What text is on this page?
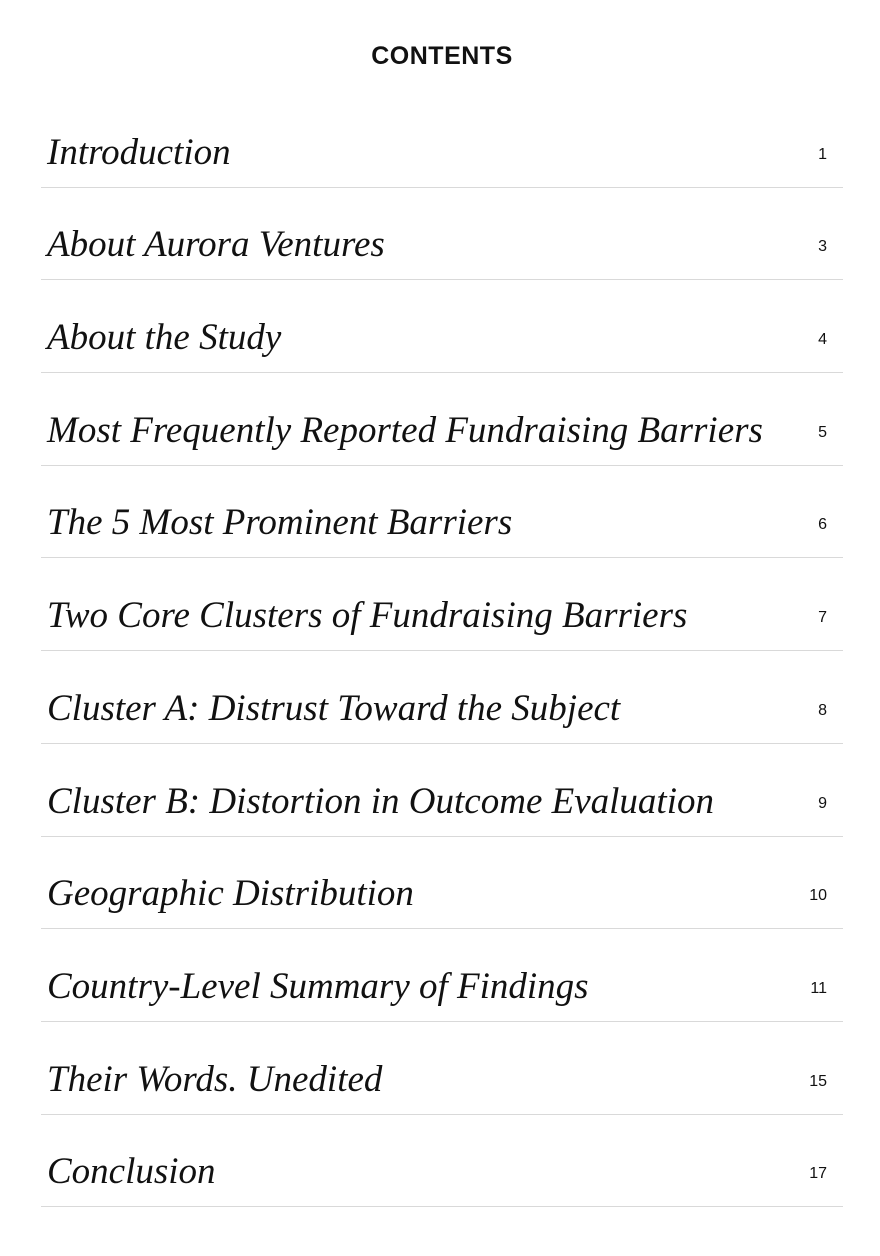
CONTENTS
Introduction	1
About Aurora Ventures	3
About the Study	4
Most Frequently Reported Fundraising Barriers	5
The 5 Most Prominent Barriers	6
Two Core Clusters of Fundraising Barriers	7
Cluster A: Distrust Toward the Subject	8
Cluster B: Distortion in Outcome Evaluation	9
Geographic Distribution	10
Country-Level Summary of Findings	11
Their Words. Unedited	15
Conclusion	17
